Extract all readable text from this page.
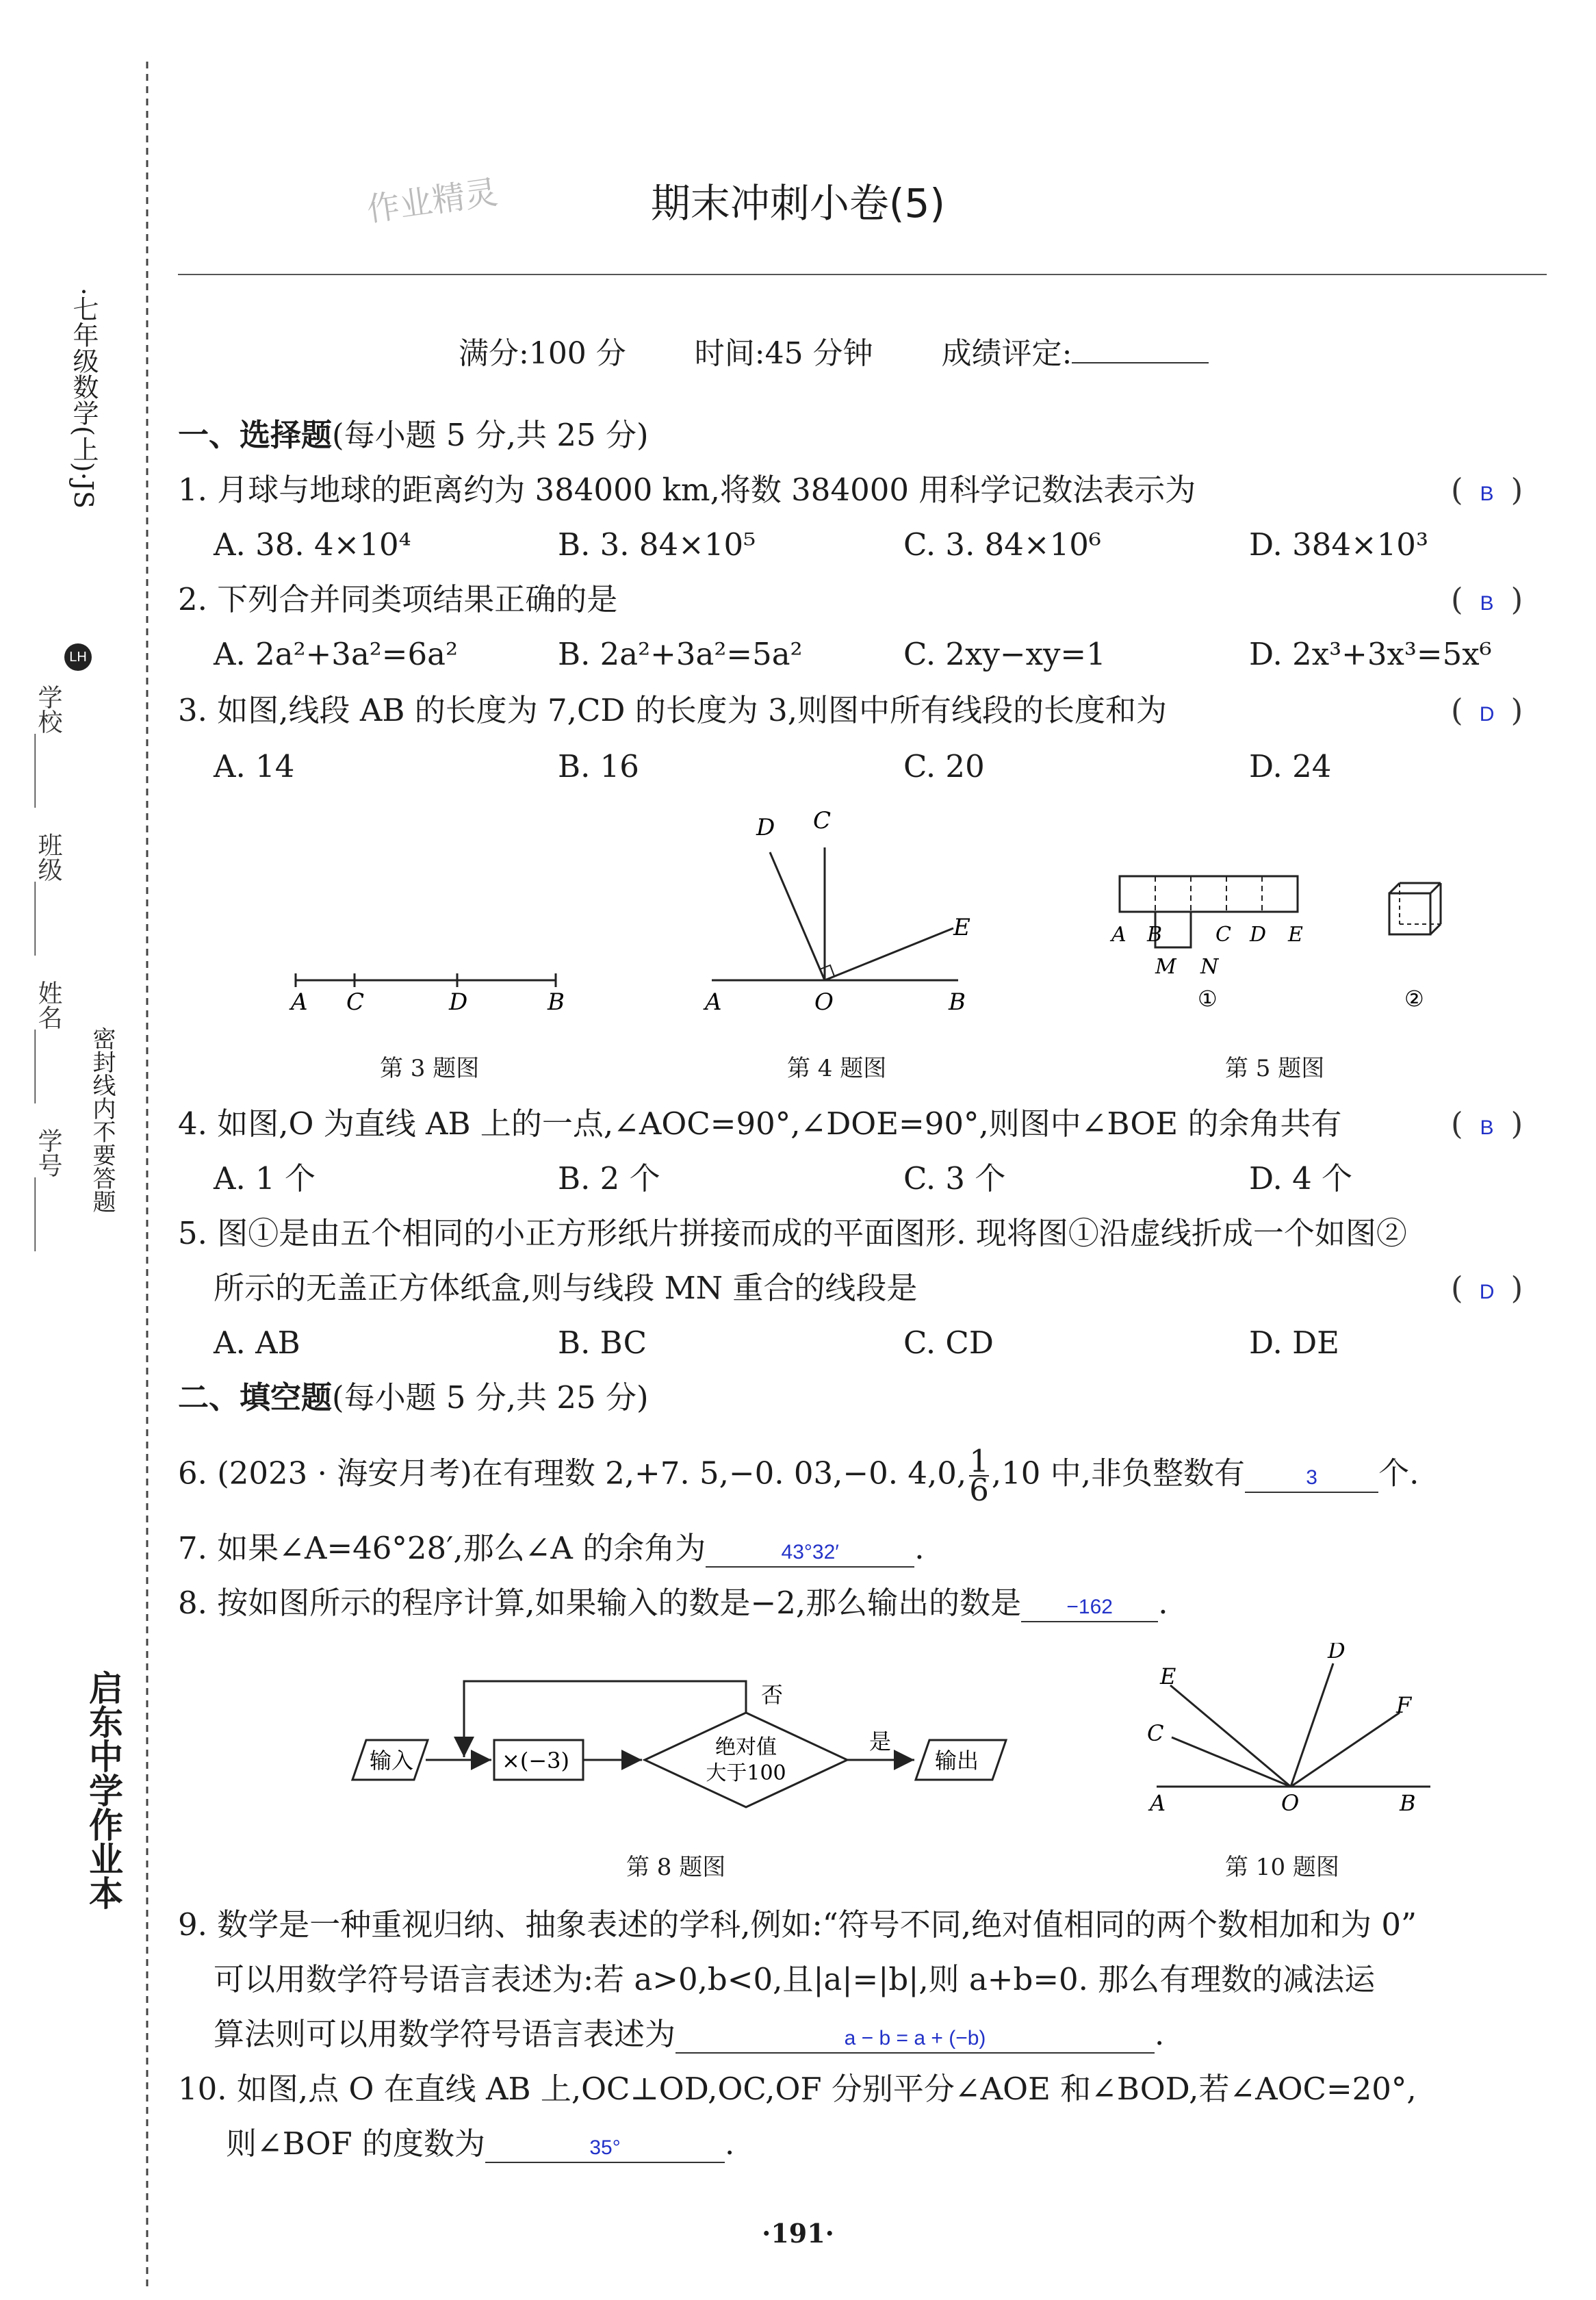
·七年级数学(上)·JS
LH
学校______　班级______　姓名______　学号______ 密封线内不要答题
启东中学作业本
作业精灵	期末冲刺小卷(5)
满分:100 分 时间:45 分钟 成绩评定:
一、选择题(每小题 5 分,共 25 分)
1. 月球与地球的距离约为 384000 km,将数 384000 用科学记数法表示为	( B )
A. 38. 4×10⁴	B. 3. 84×10⁵	C. 3. 84×10⁶	D. 384×10³
2. 下列合并同类项结果正确的是	( B )
A. 2a²+3a²=6a²	B. 2a²+3a²=5a²	C. 2xy−xy=1	D. 2x³+3x³=5x⁶
3. 如图,线段 AB 的长度为 7,CD 的长度为 3,则图中所有线段的长度和为	( D )
A. 14	B. 16	C. 20	D. 24
A C	D	B
D C
E
A	O	B
A B	C D E
M N
①	②
第 3 题图	第 4 题图	第 5 题图
4. 如图,O 为直线 AB 上的一点,∠AOC=90°,∠DOE=90°,则图中∠BOE 的余角共有	( B )
A. 1 个	B. 2 个	C. 3 个	D. 4 个
5. 图①是由五个相同的小正方形纸片拼接而成的平面图形. 现将图①沿虚线折成一个如图②
所示的无盖正方体纸盒,则与线段 MN 重合的线段是	( D )
A. AB	B. BC	C. CD	D. DE
二、填空题(每小题 5 分,共 25 分)
6. (2023 · 海安月考)在有理数 2,+7. 5,−0. 03,−0. 4,0, $\frac{1}{6} ,10$ 中,非负整数有	3 个.
7. 如果∠A=46°28′,那么∠A 的余角为	43°32′ .
8. 按如图所示的程序计算,如果输入的数是−2,那么输出的数是 −162 .
输入	×(−3)
绝对值
大于100
是
输出
否
E
D
F
C
A	O	B
第 8 题图	第 10 题图
9. 数学是一种重视归纳、抽象表述的学科,例如:“符号不同,绝对值相同的两个数相加和为 0”
可以用数学符号语言表述为:若 a>0,b<0,且|a|=|b|,则 a+b=0. 那么有理数的减法运
算法则可以用数学符号语言表述为	a − b = a + (−b)	.
10. 如图,点 O 在直线 AB 上,OC⊥OD,OC,OF 分别平分∠AOE 和∠BOD,若∠AOC=20°,
则∠BOF 的度数为	35°	.
·191·
